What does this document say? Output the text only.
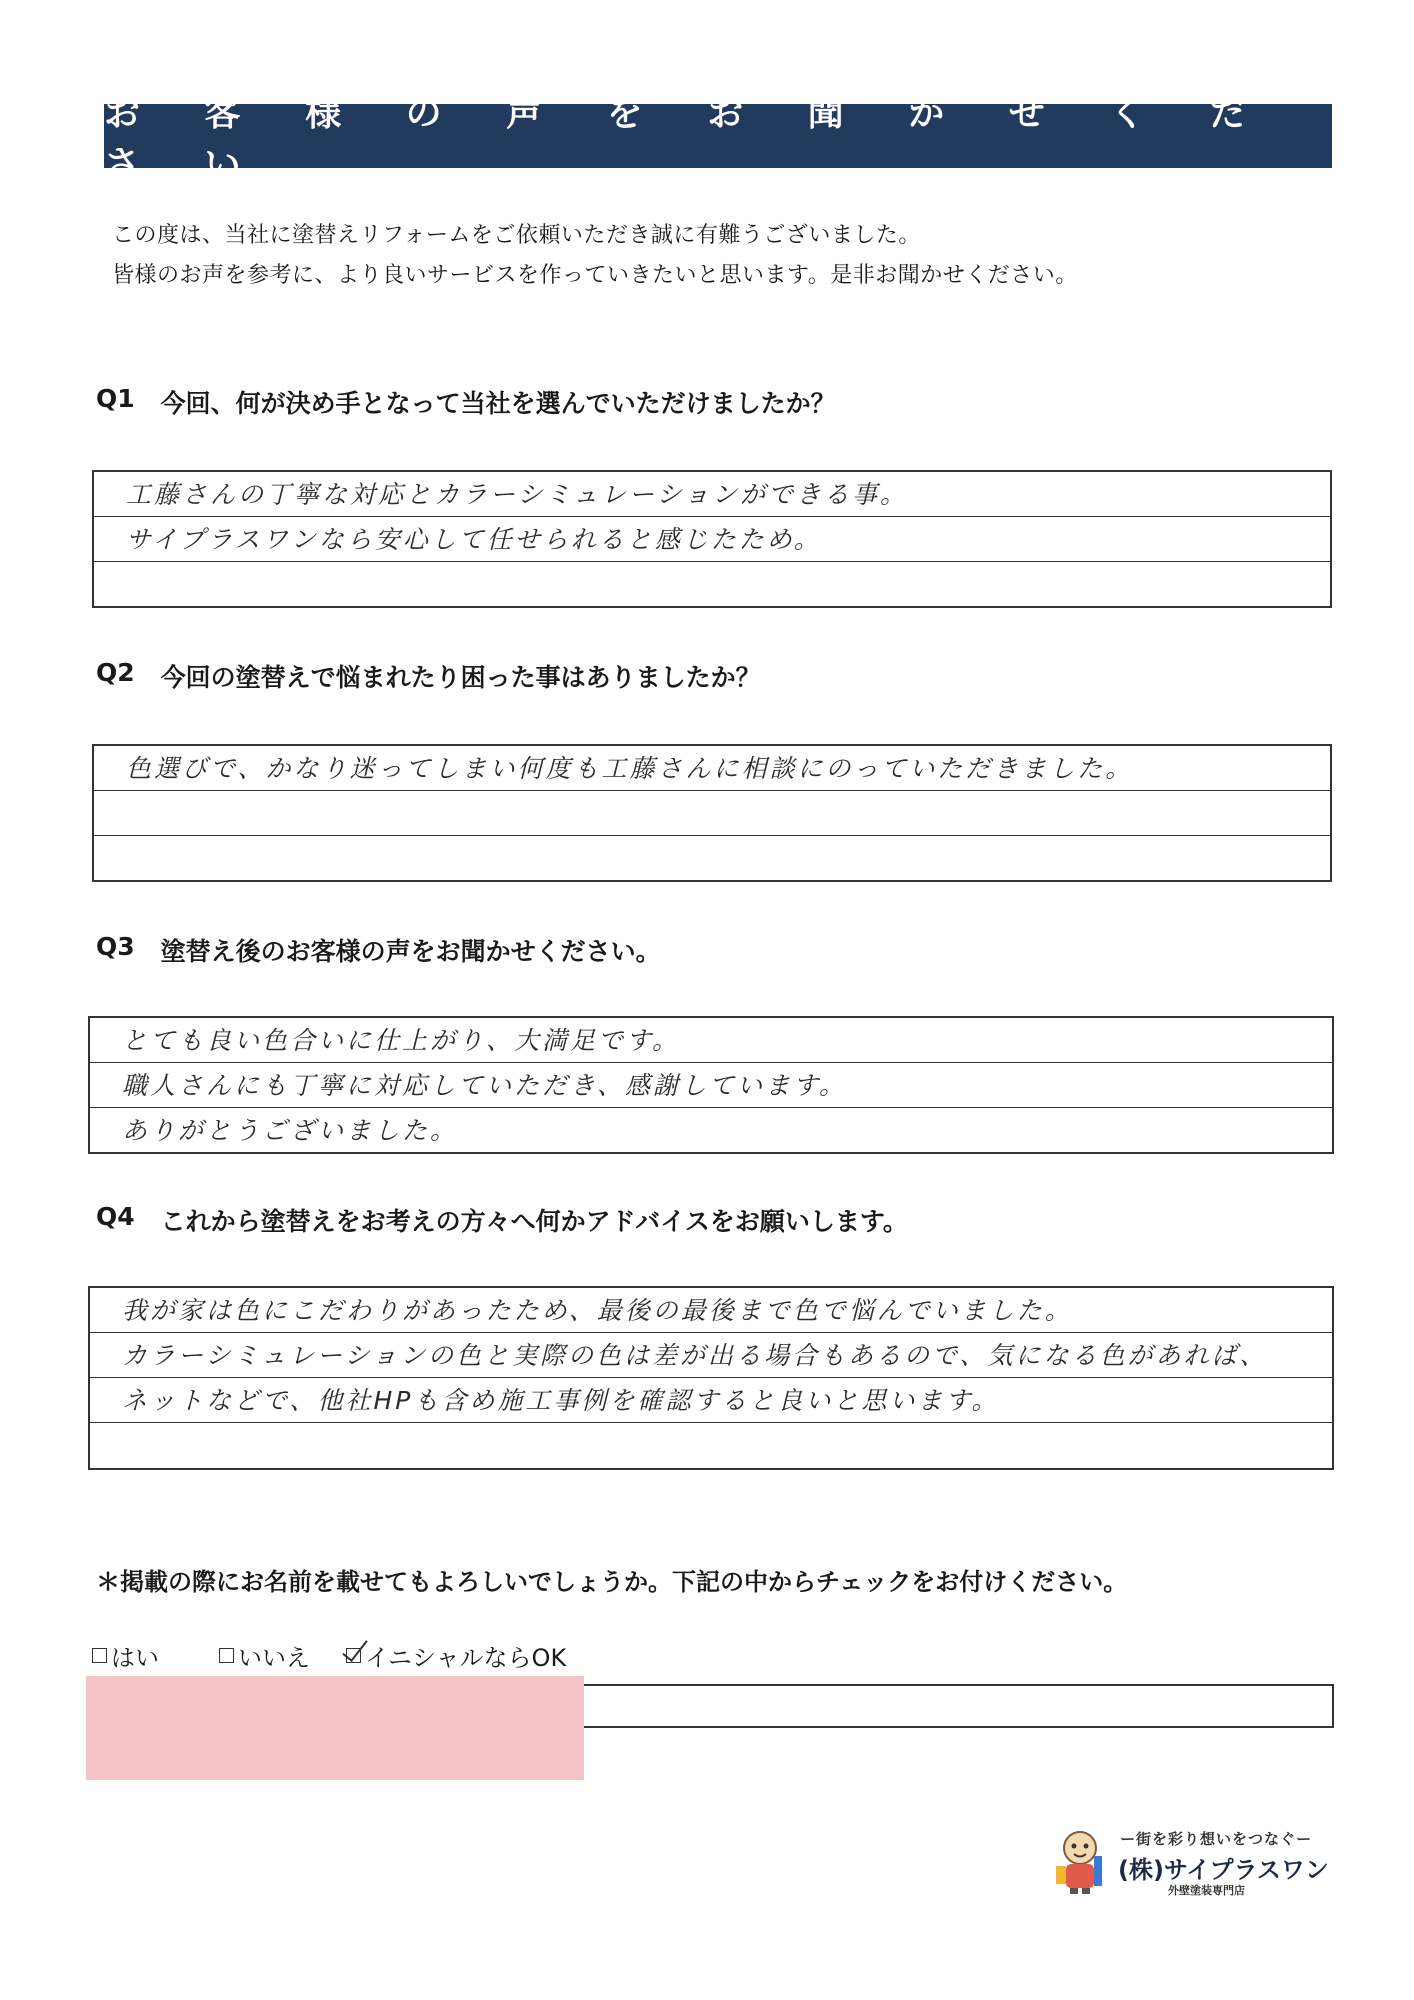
お 客 様 の 声 を お 聞 か せ く だ さ い
この度は、当社に塗替えリフォームをご依頼いただき誠に有難うございました。
皆様のお声を参考に、より良いサービスを作っていきたいと思います。是非お聞かせください。
Q1 今回、何が決め手となって当社を選んでいただけましたか？
工藤さんの丁寧な対応とカラーシミュレーションができる事。
サイプラスワンなら安心して任せられると感じたため。
Q2 今回の塗替えで悩まれたり困った事はありましたか？
色選びで、かなり迷ってしまい何度も工藤さんに相談にのっていただきました。
Q3 塗替え後のお客様の声をお聞かせください。
とても良い色合いに仕上がり、大満足です。
職人さんにも丁寧に対応していただき、感謝しています。
ありがとうございました。
Q4 これから塗替えをお考えの方々へ何かアドバイスをお願いします。
我が家は色にこだわりがあったため、最後の最後まで色で悩んでいました。
カラーシミュレーションの色と実際の色は差が出る場合もあるので、気になる色があれば、
ネットなどで、他社HPも含め施工事例を確認すると良いと思います。
＊掲載の際にお名前を載せてもよろしいでしょうか。下記の中からチェックをお付けください。
はい	いいえ イニシャルならOK
ー街を彩り想いをつなぐー
(株)サイプラスワン
外壁塗装専門店
